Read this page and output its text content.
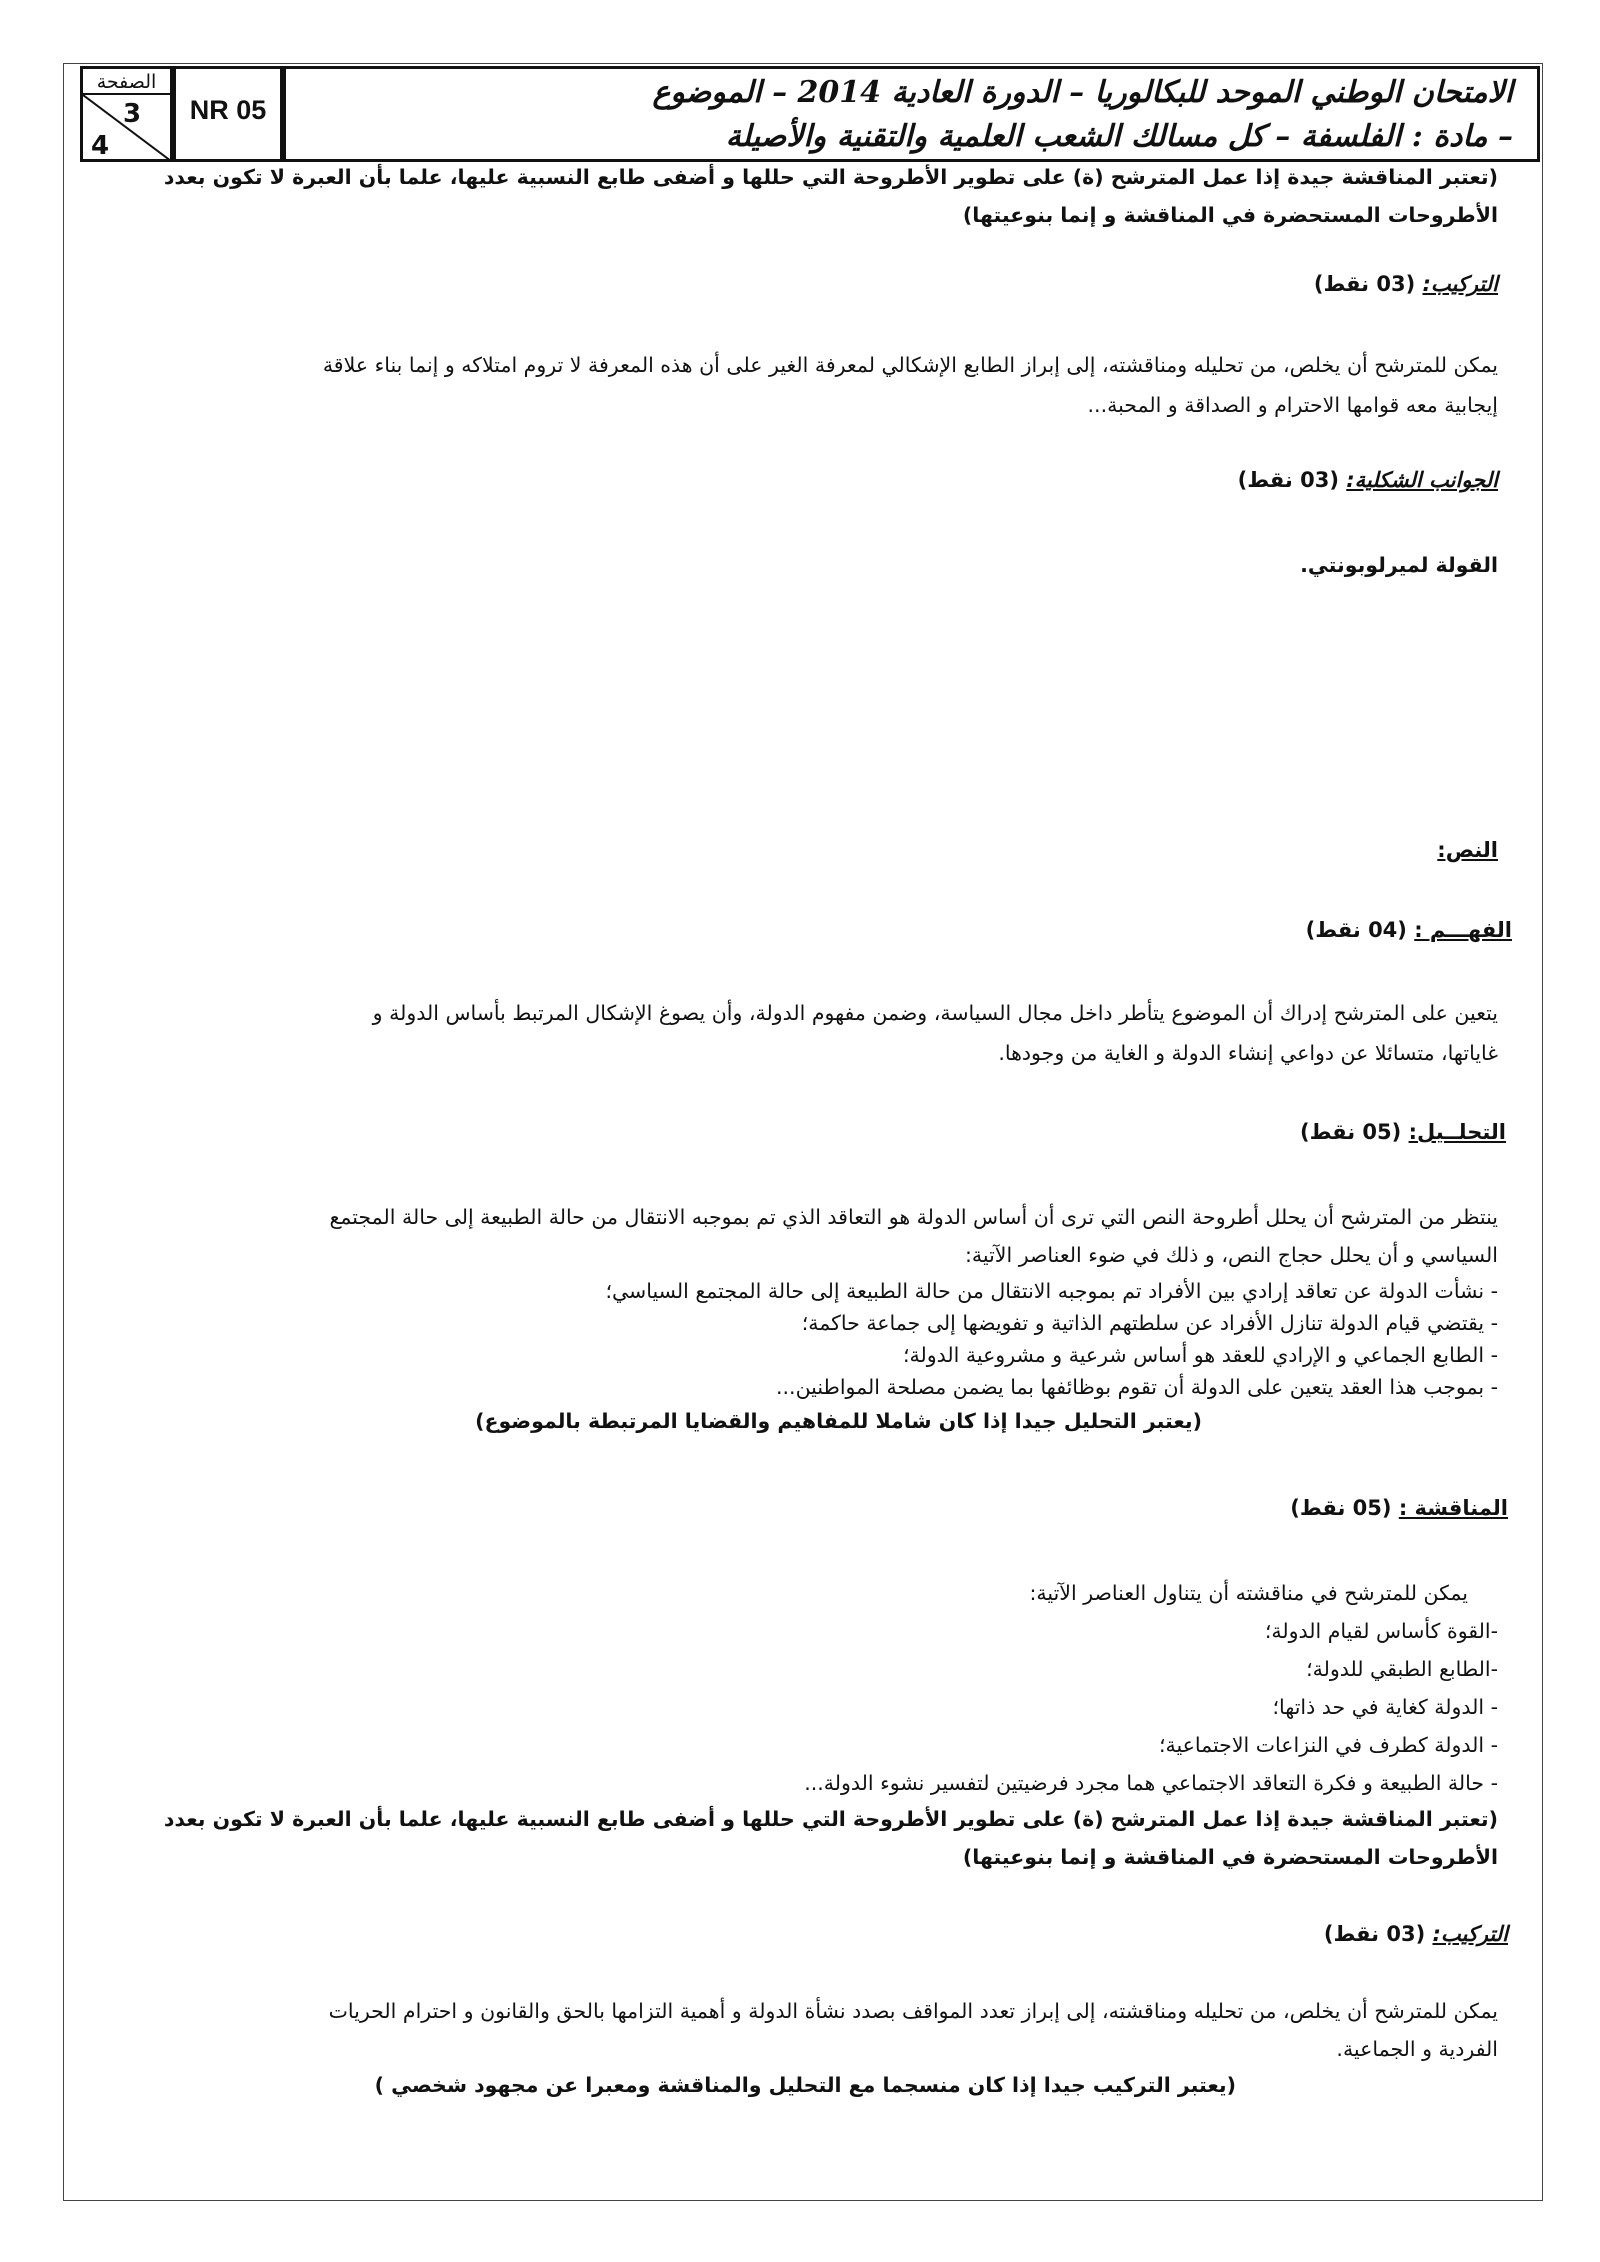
الصفحة
3
4
NR 05	الامتحان الوطني الموحد للبكالوريا – الدورة العادية 2014 – الموضوع
– مادة : الفلسفة – كل مسالك الشعب العلمية والتقنية والأصيلة

(تعتبر المناقشة جيدة إذا عمل المترشح (ة) على تطوير الأطروحة التي حللها و أضفى طابع النسبية عليها، علما بأن العبرة لا تكون بعدد

الأطروحات المستحضرة في المناقشة و إنما بنوعيتها)

التركيب: (03 نقط)

يمكن للمترشح أن يخلص، من تحليله ومناقشته، إلى إبراز الطابع الإشكالي لمعرفة الغير على أن هذه المعرفة لا تروم امتلاكه و إنما بناء علاقة

إيجابية معه قوامها الاحترام و الصداقة و المحبة...

الجوانب الشكلية: (03 نقط)

القولة لميرلوبونتي.

النص:
الفهـــم : (04 نقط)

يتعين على المترشح إدراك أن الموضوع يتأطر داخل مجال السياسة، وضمن مفهوم الدولة، وأن يصوغ الإشكال المرتبط بأساس الدولة و

غاياتها، متسائلا عن دواعي إنشاء الدولة و الغاية من وجودها.

التحلــيل: (05 نقط)

ينتظر من المترشح أن يحلل أطروحة النص التي ترى أن أساس الدولة هو التعاقد الذي تم بموجبه الانتقال من حالة الطبيعة إلى حالة المجتمع

السياسي و أن يحلل حجاج النص، و ذلك في ضوء العناصر الآتية:

- نشأت الدولة عن تعاقد إرادي بين الأفراد تم بموجبه الانتقال من حالة الطبيعة إلى حالة المجتمع السياسي؛

- يقتضي قيام الدولة تنازل الأفراد عن سلطتهم الذاتية و تفويضها إلى جماعة حاكمة؛

- الطابع الجماعي و الإرادي للعقد هو أساس شرعية و مشروعية الدولة؛

- بموجب هذا العقد يتعين على الدولة أن تقوم بوظائفها بما يضمن مصلحة المواطنين...

(يعتبر التحليل جيدا إذا كان شاملا للمفاهيم والقضايا المرتبطة بالموضوع)

المناقشة : (05 نقط)

يمكن للمترشح في مناقشته أن يتناول العناصر الآتية:

-القوة كأساس لقيام الدولة؛

-الطابع الطبقي للدولة؛

- الدولة كغاية في حد ذاتها؛

- الدولة كطرف في النزاعات الاجتماعية؛

- حالة الطبيعة و فكرة التعاقد الاجتماعي هما مجرد فرضيتين لتفسير نشوء الدولة...

(تعتبر المناقشة جيدة إذا عمل المترشح (ة) على تطوير الأطروحة التي حللها و أضفى طابع النسبية عليها، علما بأن العبرة لا تكون بعدد

الأطروحات المستحضرة في المناقشة و إنما بنوعيتها)

التركيب: (03 نقط)

يمكن للمترشح أن يخلص، من تحليله ومناقشته، إلى إبراز تعدد المواقف بصدد نشأة الدولة و أهمية التزامها بالحق والقانون و احترام الحريات

الفردية و الجماعية.

(يعتبر التركيب جيدا إذا كان منسجما مع التحليل والمناقشة ومعبرا عن مجهود شخصي )
